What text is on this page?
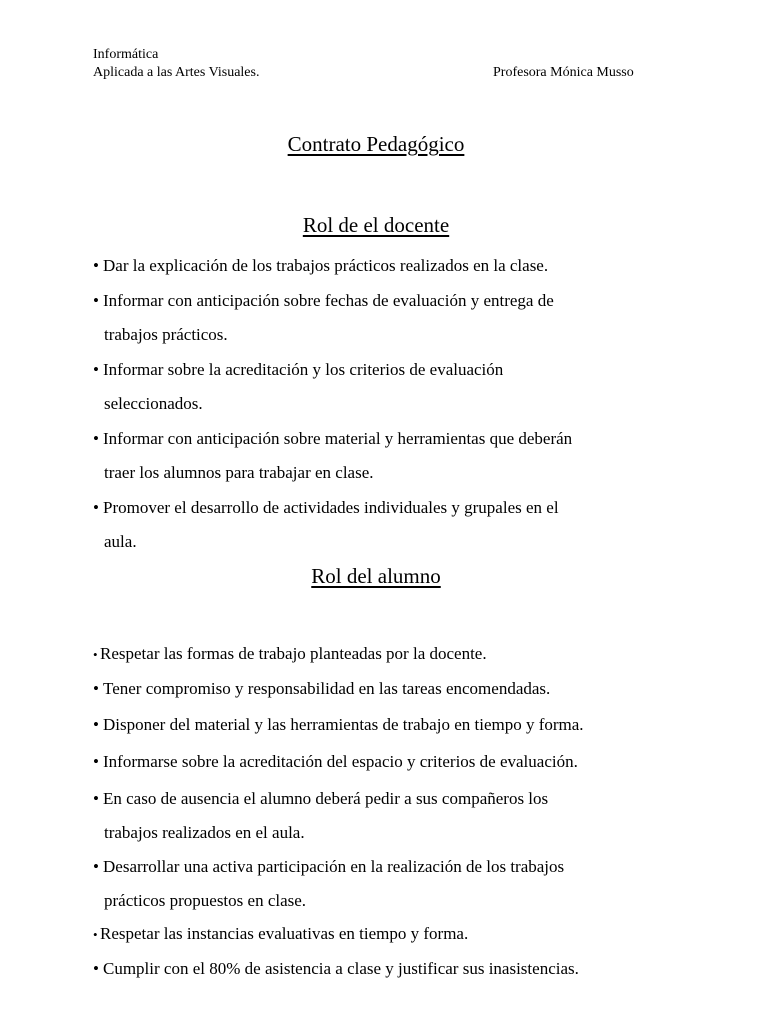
Informática
Aplicada a las Artes Visuales.	Profesora Mónica Musso
Contrato Pedagógico
Rol de el docente
• Dar la explicación de los trabajos prácticos realizados en la clase.
• Informar con anticipación sobre fechas de evaluación y entrega de
trabajos prácticos.
• Informar sobre la acreditación y los criterios de evaluación
seleccionados.
• Informar con anticipación sobre material y herramientas que deberán
traer los alumnos para trabajar en clase.
• Promover el desarrollo de actividades individuales y grupales en el
aula.
Rol del alumno
• Respetar las formas de trabajo planteadas por la docente.
• Tener compromiso y responsabilidad en las tareas encomendadas.
• Disponer del material y las herramientas de trabajo en tiempo y forma.
• Informarse sobre la acreditación del espacio y criterios de evaluación.
• En caso de ausencia el alumno deberá pedir a sus compañeros los
trabajos realizados en el aula.
• Desarrollar una activa participación en la realización de los trabajos
prácticos propuestos en clase.
• Respetar las instancias evaluativas en tiempo y forma.
• Cumplir con el 80% de asistencia a clase y justificar sus inasistencias.
